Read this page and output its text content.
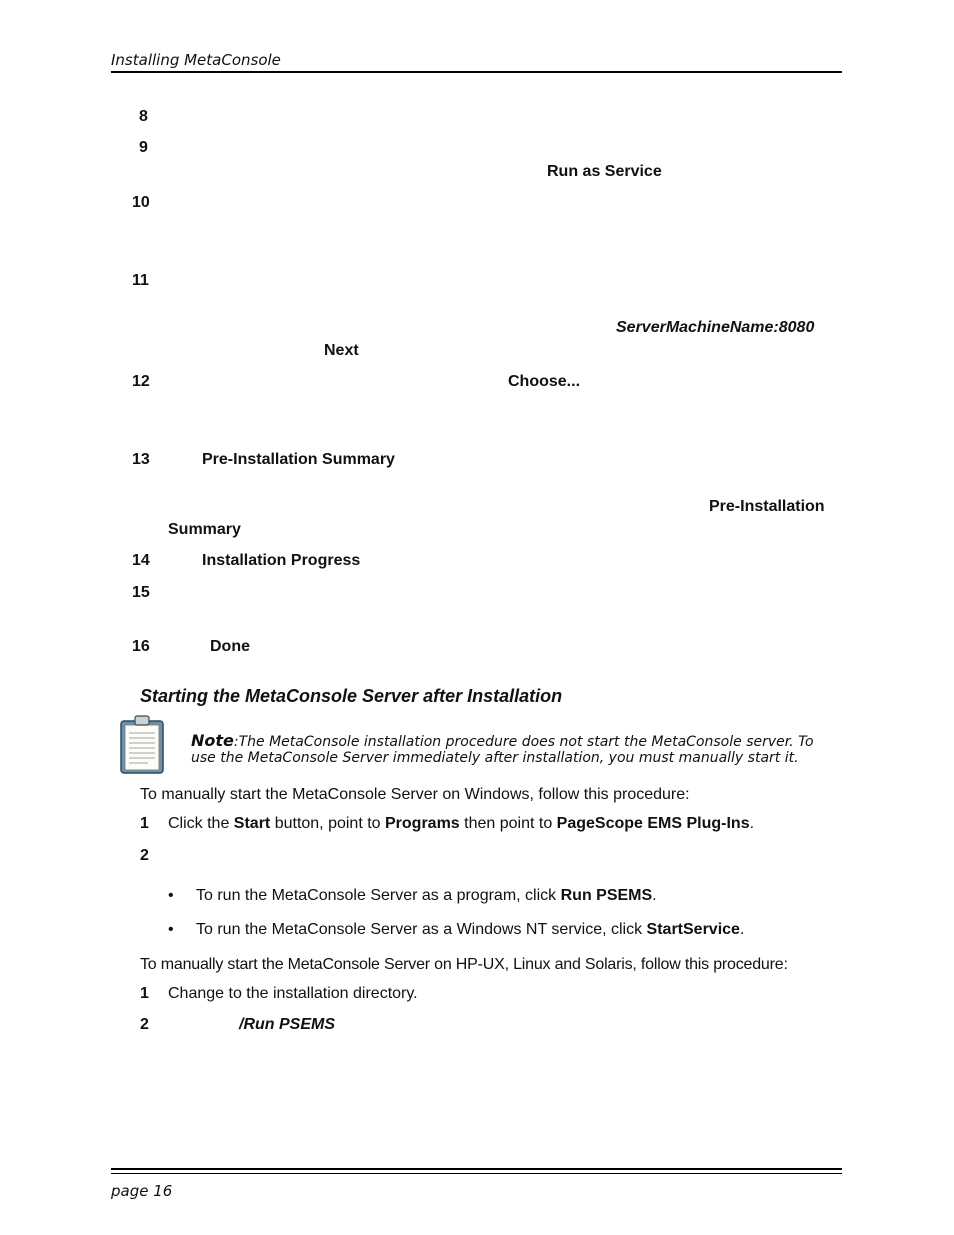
Installing MetaConsole
8
9
Run as Service
10
11
ServerMachineName:8080
Next
12	Choose...
13	Pre-Installation Summary
Pre-Installation
Summary
14	Installation Progress
15
16	Done
Starting the MetaConsole Server after Installation
Note:The MetaConsole installation procedure does not start the MetaConsole server. To
use the MetaConsole Server immediately after installation, you must manually start it.
To manually start the MetaConsole Server on Windows, follow this procedure:
1 Click the Start button, point to Programs then point to PageScope EMS Plug-Ins.
2
• To run the MetaConsole Server as a program, click Run PSEMS.
• To run the MetaConsole Server as a Windows NT service, click StartService.
To manually start the MetaConsole Server on HP-UX, Linux and Solaris, follow this procedure:
1 Change to the installation directory.
2	/Run PSEMS
page 16
